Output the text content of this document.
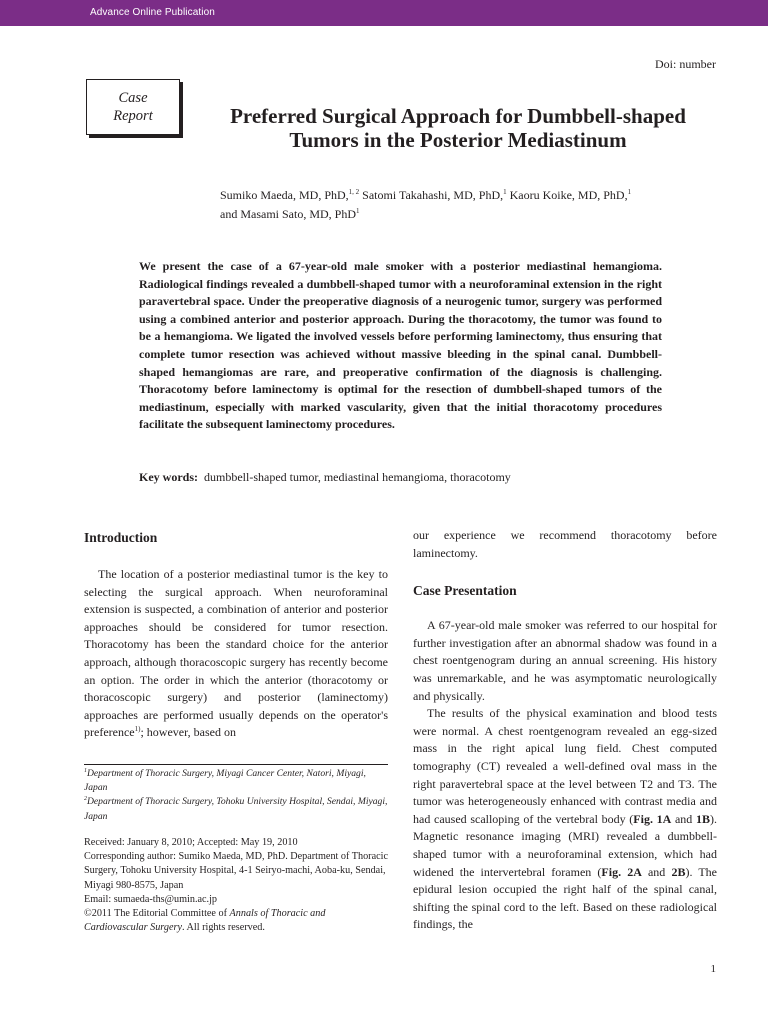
Advance Online Publication
Doi: number
Case
Report	Preferred Surgical Approach for Dumbbell-shaped
Tumors in the Posterior Mediastinum
Sumiko Maeda, MD, PhD,$^{1, 2}$ Satomi Takahashi, MD, PhD,$^1$ Kaoru Koike, MD, PhD,$^1$
and Masami Sato, MD, PhD$^1$
We present the case of a 67-year-old male smoker with a posterior mediastinal hemangioma. Radiological findings revealed a dumbbell-shaped tumor with a neuroforaminal extension in the right paravertebral space. Under the preoperative diagnosis of a neurogenic tumor, surgery was performed using a combined anterior and posterior approach. During the thoracotomy, the tumor was found to be a hemangioma. We ligated the involved vessels before performing laminectomy, thus ensuring that complete tumor resection was achieved without massive bleeding in the spinal canal. Dumbbell-shaped hemangiomas are rare, and preoperative confirmation of the diagnosis is challenging. Thoracotomy before laminectomy is optimal for the resection of dumbbell-shaped tumors of the mediastinum, especially with marked vascularity, given that the initial thoracotomy procedures facilitate the subsequent laminectomy procedures.
Key words: dumbbell-shaped tumor, mediastinal hemangioma, thoracotomy
Introduction

The location of a posterior mediastinal tumor is the key to selecting the surgical approach. When neuroforaminal extension is suspected, a combination of anterior and posterior approaches should be considered for tumor resection. Thoracotomy has been the standard choice for the anterior approach, although thoracoscopic surgery has recently become an option. The order in which the anterior (thoracotomy or thoracoscopic surgery) and posterior (laminectomy) approaches are performed usually depends on the operator's preference$^{1)}$; however, based on

$^1$Department of Thoracic Surgery, Miyagi Cancer Center, Natori, Miyagi, Japan
$^2$Department of Thoracic Surgery, Tohoku University Hospital, Sendai, Miyagi, Japan
Received: January 8, 2010; Accepted: May 19, 2010
Corresponding author: Sumiko Maeda, MD, PhD. Department of Thoracic Surgery, Tohoku University Hospital, 4-1 Seiryo-machi, Aoba-ku, Sendai, Miyagi 980-8575, Japan
Email: sumaeda-ths@umin.ac.jp
©2011 The Editorial Committee of Annals of Thoracic and Cardiovascular Surgery. All rights reserved.

our experience we recommend thoracotomy before laminectomy.

Case Presentation

A 67-year-old male smoker was referred to our hospital for further investigation after an abnormal shadow was found in a chest roentgenogram during an annual screening. His history was unremarkable, and he was asymptomatic neurologically and physically.

The results of the physical examination and blood tests were normal. A chest roentgenogram revealed an egg-sized mass in the right apical lung field. Chest computed tomography (CT) revealed a well-defined oval mass in the right paravertebral space at the level between T2 and T3. The tumor was heterogeneously enhanced with contrast media and had caused scalloping of the vertebral body (Fig. 1A and 1B). Magnetic resonance imaging (MRI) revealed a dumbbell-shaped tumor with a neuroforaminal extension, which had widened the intervertebral foramen (Fig. 2A and 2B). The epidural lesion occupied the right half of the spinal canal, shifting the spinal cord to the left. Based on these radiological findings, the

1
